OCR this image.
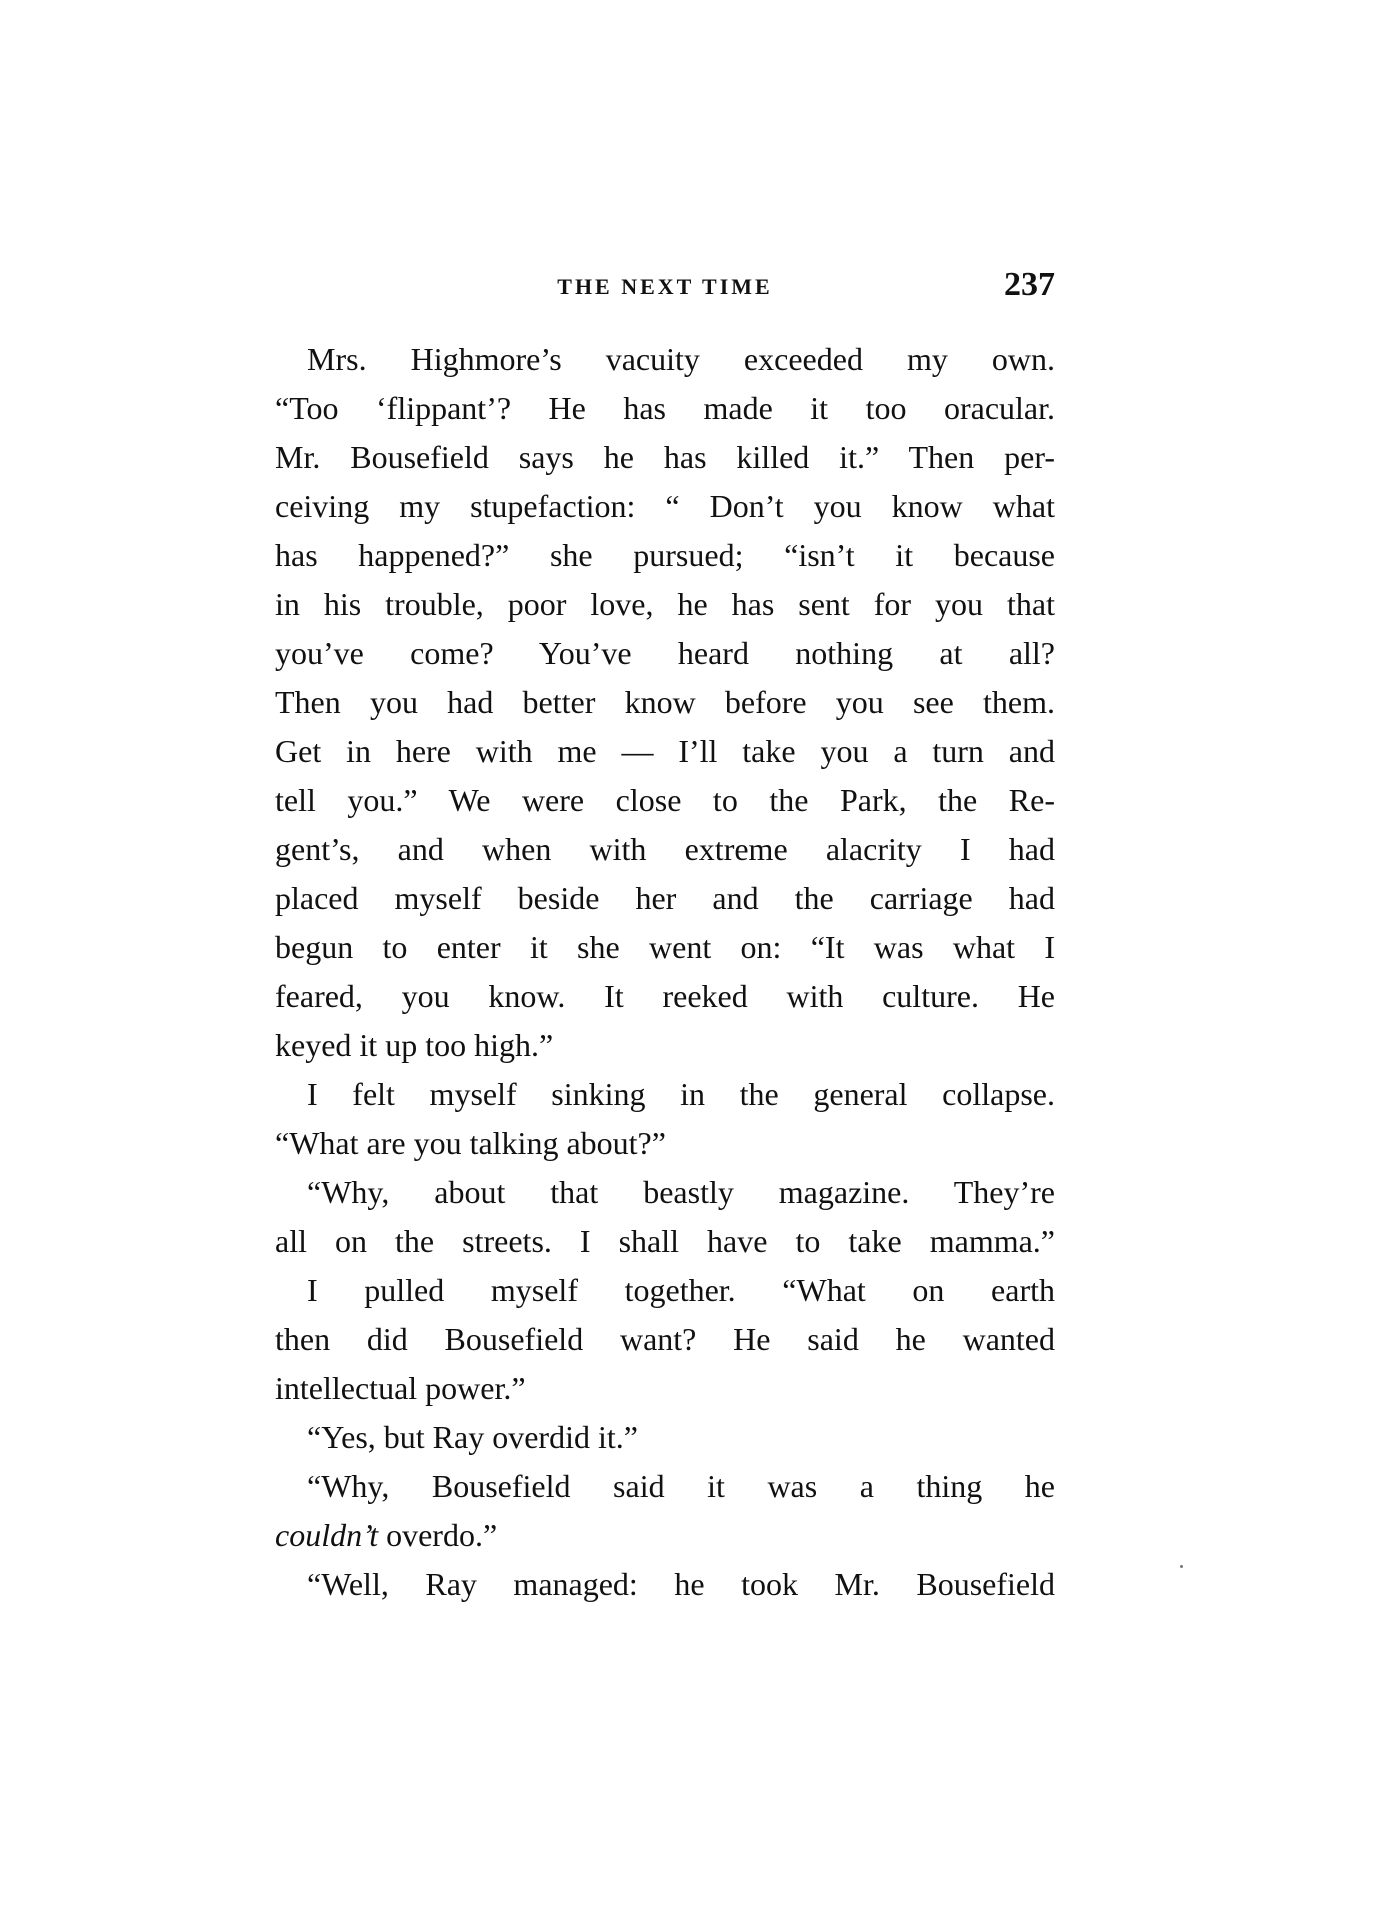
THE NEXT TIME	237
Mrs. Highmore’s vacuity exceeded my own.
“Too ‘flippant’? He has made it too oracular.
Mr. Bousefield says he has killed it.” Then per-
ceiving my stupefaction: “ Don’t you know what
has happened?” she pursued; “isn’t it because
in his trouble, poor love, he has sent for you that
you’ve come? You’ve heard nothing at all?
Then you had better know before you see them.
Get in here with me — I’ll take you a turn and
tell you.” We were close to the Park, the Re-
gent’s, and when with extreme alacrity I had
placed myself beside her and the carriage had
begun to enter it she went on: “It was what I
feared, you know. It reeked with culture. He
keyed it up too high.”
I felt myself sinking in the general collapse.
“What are you talking about?”
“Why, about that beastly magazine. They’re
all on the streets. I shall have to take mamma.”
I pulled myself together. “What on earth
then did Bousefield want? He said he wanted
intellectual power.”
“Yes, but Ray overdid it.”
“Why, Bousefield said it was a thing he
couldn’t overdo.”
“Well, Ray managed: he took Mr. Bousefield
